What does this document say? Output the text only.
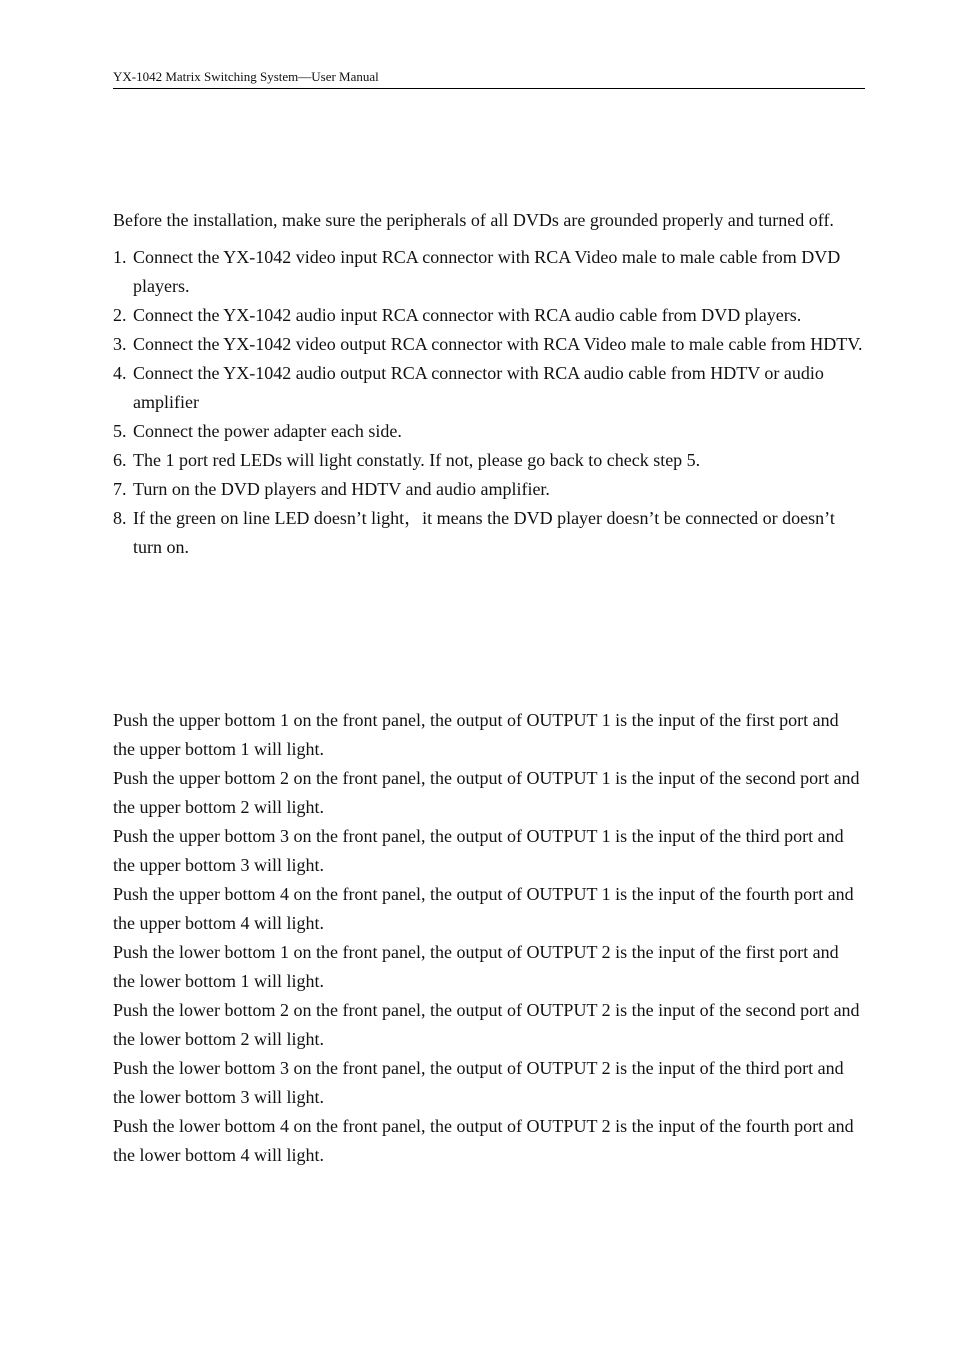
YX-1042 Matrix Switching System—User Manual

Before the installation, make sure the peripherals of all DVDs are grounded properly and turned off.

1. Connect the YX-1042 video input RCA connector with RCA Video male to male cable from DVD players.
2. Connect the YX-1042 audio input RCA connector with RCA audio cable from DVD players.
3. Connect the YX-1042 video output RCA connector with RCA Video male to male cable from HDTV.
4. Connect the YX-1042 audio output RCA connector with RCA audio cable from HDTV or audio amplifier
5. Connect the power adapter each side.
6. The 1 port red LEDs will light constatly. If not, please go back to check step 5.
7. Turn on the DVD players and HDTV and audio amplifier.
8. If the green on line LED doesn’t light，it means the DVD player doesn’t be connected or doesn’t turn on.

Push the upper bottom 1 on the front panel, the output of OUTPUT 1 is the input of the first port and the upper bottom 1 will light.

Push the upper bottom 2 on the front panel, the output of OUTPUT 1 is the input of the second port and the upper bottom 2 will light.

Push the upper bottom 3 on the front panel, the output of OUTPUT 1 is the input of the third port and the upper bottom 3 will light.

Push the upper bottom 4 on the front panel, the output of OUTPUT 1 is the input of the fourth port and the upper bottom 4 will light.

Push the lower bottom 1 on the front panel, the output of OUTPUT 2 is the input of the first port and the lower bottom 1 will light.

Push the lower bottom 2 on the front panel, the output of OUTPUT 2 is the input of the second port and the lower bottom 2 will light.

Push the lower bottom 3 on the front panel, the output of OUTPUT 2 is the input of the third port and the lower bottom 3 will light.

Push the lower bottom 4 on the front panel, the output of OUTPUT 2 is the input of the fourth port and the lower bottom 4 will light.
